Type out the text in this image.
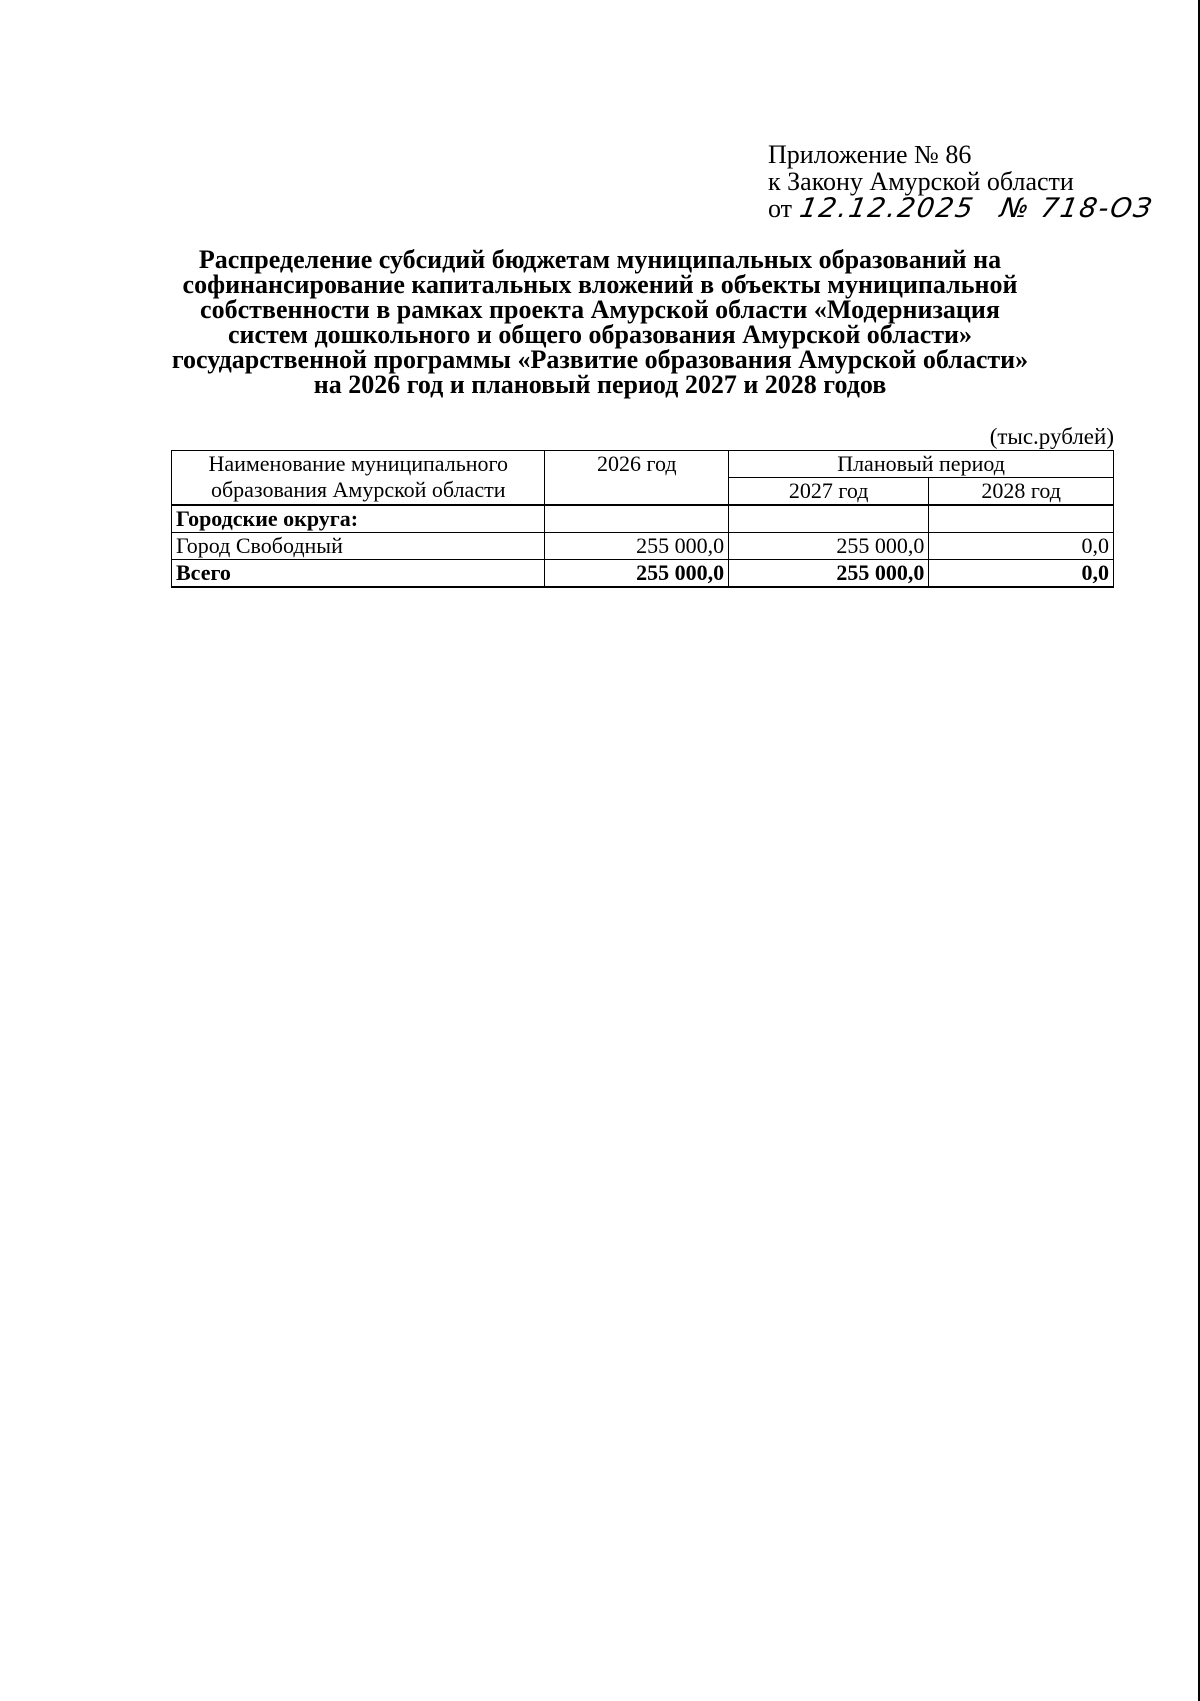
Приложение № 86
к Закону Амурской области
от 12.12.2025 № 718-ОЗ
Распределение субсидий бюджетам муниципальных образований на
софинансирование капитальных вложений в объекты муниципальной
собственности в рамках проекта Амурской области «Модернизация
систем дошкольного и общего образования Амурской области»
государственной программы «Развитие образования Амурской области»
на 2026 год и плановый период 2027 и 2028 годов
(тыс.рублей)
Наименование муниципального
образования Амурской области	2026 год	Плановый период	
		2027 год	2028 год
Городские округа:			
Город Свободный	255 000,0	255 000,0	0,0
Всего	255 000,0	255 000,0	0,0
